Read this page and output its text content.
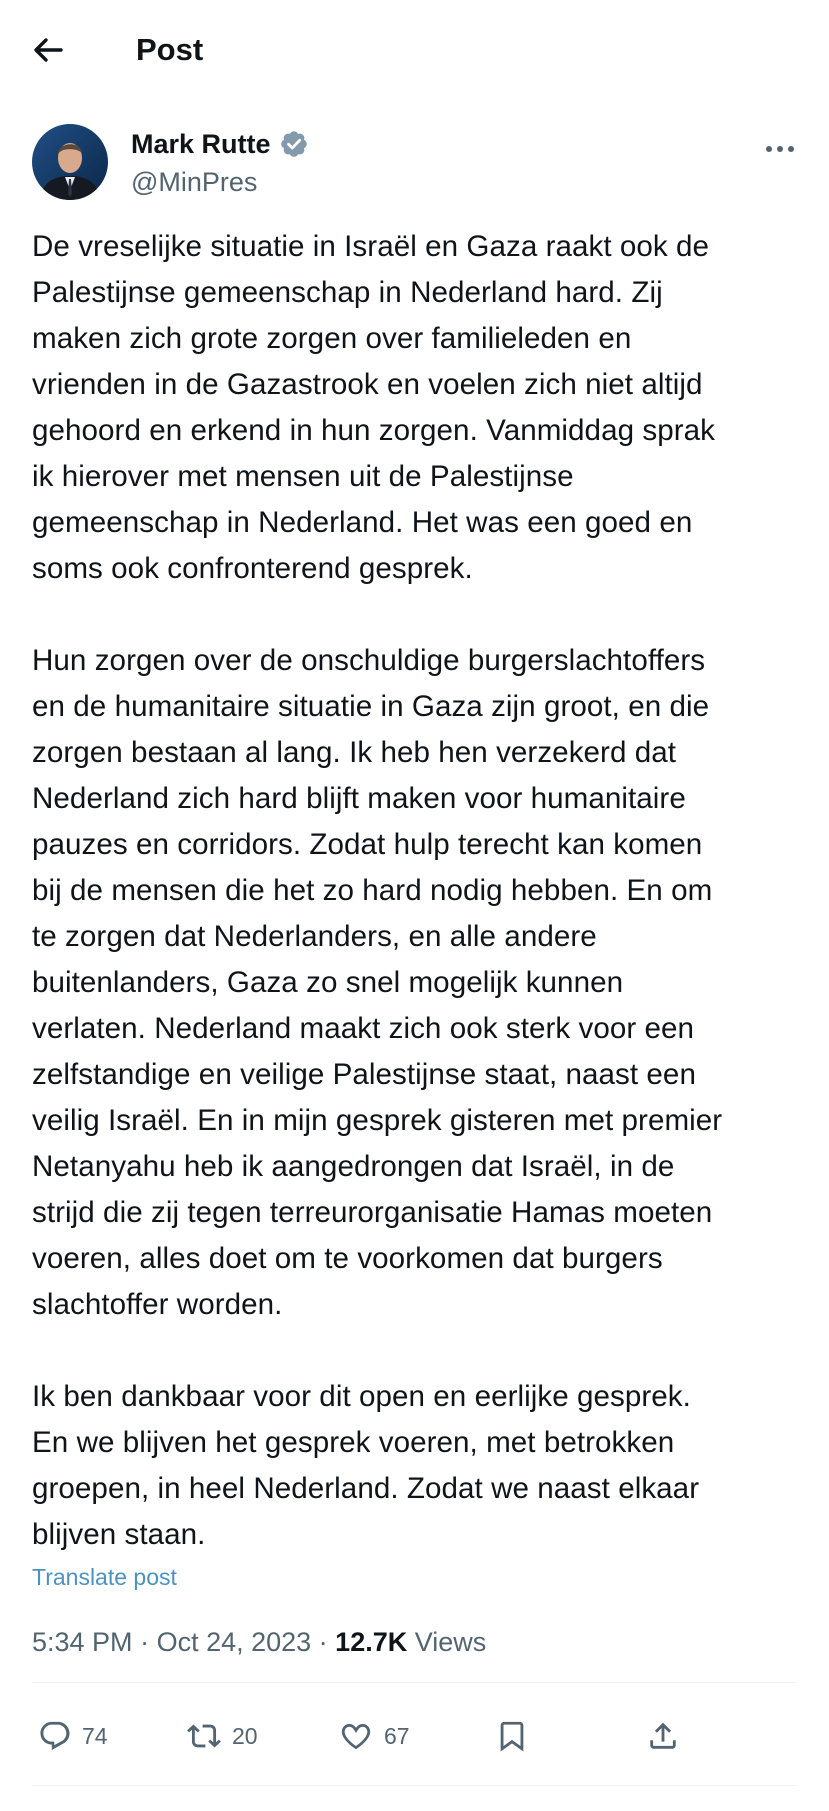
Post
Mark Rutte
@MinPres

De vreselijke situatie in Israël en Gaza raakt ook de
Palestijnse gemeenschap in Nederland hard. Zij
maken zich grote zorgen over familieleden en
vrienden in de Gazastrook en voelen zich niet altijd
gehoord en erkend in hun zorgen. Vanmiddag sprak
ik hierover met mensen uit de Palestijnse
gemeenschap in Nederland. Het was een goed en
soms ook confronterend gesprek.

Hun zorgen over de onschuldige burgerslachtoffers
en de humanitaire situatie in Gaza zijn groot, en die
zorgen bestaan al lang. Ik heb hen verzekerd dat
Nederland zich hard blijft maken voor humanitaire
pauzes en corridors. Zodat hulp terecht kan komen
bij de mensen die het zo hard nodig hebben. En om
te zorgen dat Nederlanders, en alle andere
buitenlanders, Gaza zo snel mogelijk kunnen
verlaten. Nederland maakt zich ook sterk voor een
zelfstandige en veilige Palestijnse staat, naast een
veilig Israël. En in mijn gesprek gisteren met premier
Netanyahu heb ik aangedrongen dat Israël, in de
strijd die zij tegen terreurorganisatie Hamas moeten
voeren, alles doet om te voorkomen dat burgers
slachtoffer worden.

Ik ben dankbaar voor dit open en eerlijke gesprek.
En we blijven het gesprek voeren, met betrokken
groepen, in heel Nederland. Zodat we naast elkaar
blijven staan.

Translate post
5:34 PM · Oct 24, 2023 · 12.7K Views
74	20	67
